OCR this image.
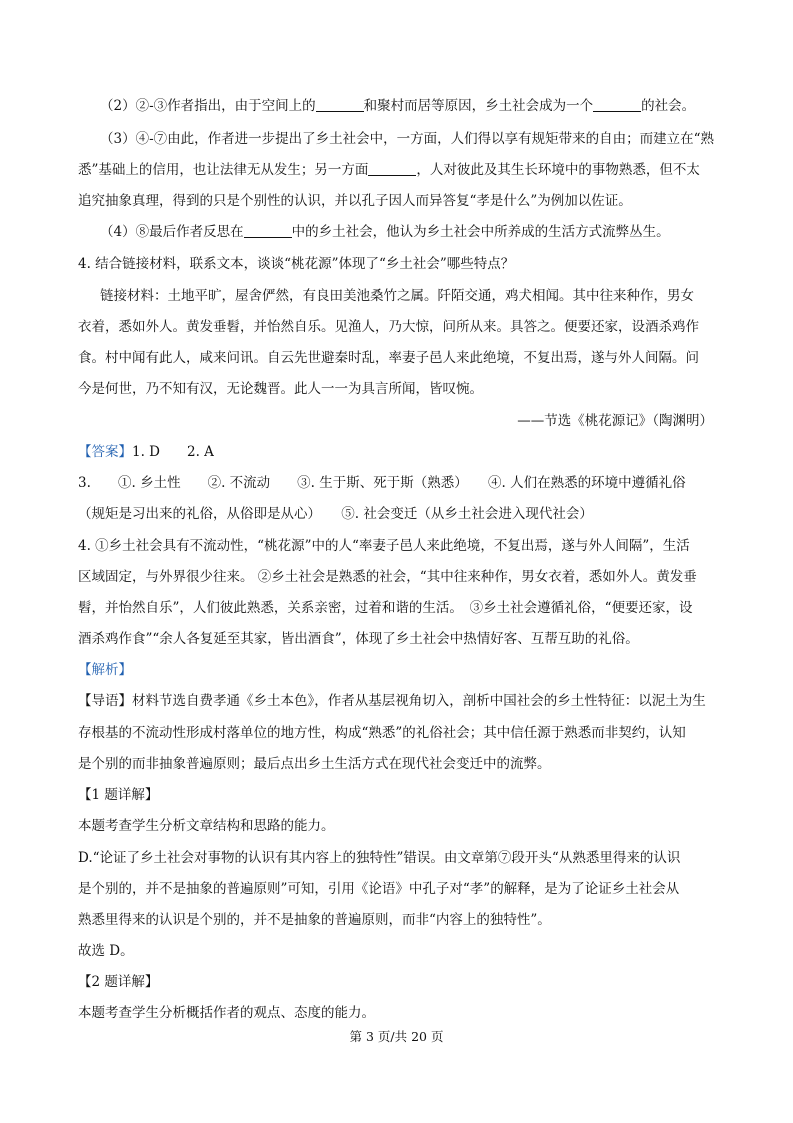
（2）②-③作者指出，由于空间上的	和聚村而居等原因，乡土社会成为一个	的社会。
（3）④-⑦由此，作者进一步提出了乡土社会中，一方面，人们得以享有规矩带来的自由；而建立在“熟
悉”基础上的信用，也让法律无从发生；另一方面	，人对彼此及其生长环境中的事物熟悉，但不太
追究抽象真理，得到的只是个别性的认识，并以孔子因人而异答复“孝是什么”为例加以佐证。
（4）⑧最后作者反思在	中的乡土社会，他认为乡土社会中所养成的生活方式流弊丛生。
4. 结合链接材料，联系文本，谈谈“桃花源”体现了“乡土社会”哪些特点？
链接材料：土地平旷，屋舍俨然，有良田美池桑竹之属。阡陌交通，鸡犬相闻。其中往来种作，男女
衣着，悉如外人。黄发垂髫，并怡然自乐。见渔人，乃大惊，问所从来。具答之。便要还家，设酒杀鸡作
食。村中闻有此人，咸来问讯。自云先世避秦时乱，率妻子邑人来此绝境，不复出焉，遂与外人间隔。问
今是何世，乃不知有汉，无论魏晋。此人一一为具言所闻，皆叹惋。
——节选《桃花源记》（陶渊明）
【答案】1. D　　2. A
3. ①. 乡土性　　②. 不流动　　③. 生于斯、死于斯（熟悉）　　④. 人们在熟悉的环境中遵循礼俗
（规矩是习出来的礼俗，从俗即是从心）　　⑤. 社会变迁（从乡土社会进入现代社会）
4. ①乡土社会具有不流动性，“桃花源”中的人“率妻子邑人来此绝境，不复出焉，遂与外人间隔”，生活
区域固定，与外界很少往来。 ②乡土社会是熟悉的社会，“其中往来种作，男女衣着，悉如外人。黄发垂
髫，并怡然自乐”，人们彼此熟悉，关系亲密，过着和谐的生活。　③乡土社会遵循礼俗，“便要还家，设
酒杀鸡作食”“余人各复延至其家，皆出酒食”，体现了乡土社会中热情好客、互帮互助的礼俗。
【解析】
【导语】材料节选自费孝通《乡土本色》，作者从基层视角切入，剖析中国社会的乡土性特征：以泥土为生
存根基的不流动性形成村落单位的地方性，构成“熟悉”的礼俗社会；其中信任源于熟悉而非契约，认知
是个别的而非抽象普遍原则；最后点出乡土生活方式在现代社会变迁中的流弊。
【1 题详解】
本题考查学生分析文章结构和思路的能力。
D.“论证了乡土社会对事物的认识有其内容上的独特性”错误。由文章第⑦段开头“从熟悉里得来的认识
是个别的，并不是抽象的普遍原则”可知，引用《论语》中孔子对“孝”的解释，是为了论证乡土社会从
熟悉里得来的认识是个别的，并不是抽象的普遍原则，而非“内容上的独特性”。
故选 D。
【2 题详解】
本题考查学生分析概括作者的观点、态度的能力。
第 3 页/共 20 页
